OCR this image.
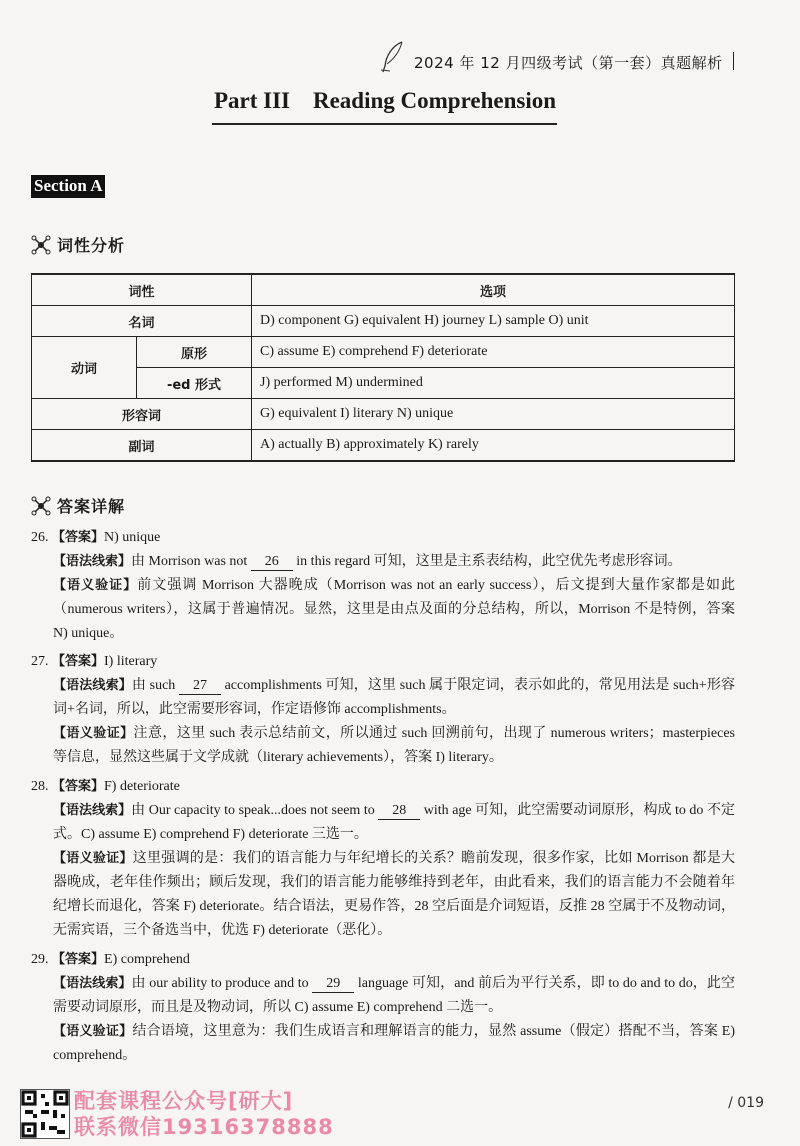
2024 年 12 月四级考试（第一套）真题解析
Part III    Reading Comprehension
Section A
词性分析
词性		选项
名词		D) component G) equivalent H) journey L) sample O) unit
动词	原形	C) assume E) comprehend F) deteriorate
	-ed 形式	J) performed M) undermined
形容词		G) equivalent I) literary N) unique
副词		A) actually B) approximately K) rarely
答案详解
26. 【答案】N) unique
【语法线索】由 Morrison was not 26 in this regard 可知，这里是主系表结构，此空优先考虑形容词。
【语义验证】前文强调 Morrison 大器晚成（Morrison was not an early success），后文提到大量作家都是如此（numerous writers），这属于普遍情况。显然，这里是由点及面的分总结构，所以，Morrison 不是特例，答案 N) unique。
27. 【答案】I) literary
【语法线索】由 such 27 accomplishments 可知，这里 such 属于限定词，表示如此的，常见用法是 such+形容词+名词，所以，此空需要形容词，作定语修饰 accomplishments。
【语义验证】注意，这里 such 表示总结前文，所以通过 such 回溯前句，出现了 numerous writers；masterpieces 等信息，显然这些属于文学成就（literary achievements），答案 I) literary。
28. 【答案】F) deteriorate
【语法线索】由 Our capacity to speak...does not seem to 28 with age 可知，此空需要动词原形，构成 to do 不定式。C) assume E) comprehend F) deteriorate 三选一。
【语义验证】这里强调的是：我们的语言能力与年纪增长的关系？瞻前发现，很多作家，比如 Morrison 都是大器晚成，老年佳作频出；顾后发现，我们的语言能力能够维持到老年，由此看来，我们的语言能力不会随着年纪增长而退化，答案 F) deteriorate。结合语法，更易作答，28 空后面是介词短语，反推 28 空属于不及物动词，无需宾语，三个备选当中，优选 F) deteriorate（恶化）。
29. 【答案】E) comprehend
【语法线索】由 our ability to produce and to 29 language 可知，and 前后为平行关系，即 to do and to do，此空需要动词原形，而且是及物动词，所以 C) assume E) comprehend 二选一。
【语义验证】结合语境，这里意为：我们生成语言和理解语言的能力，显然 assume（假定）搭配不当，答案 E) comprehend。
配套课程公众号[研大]
联系微信19316378888
/ 019
